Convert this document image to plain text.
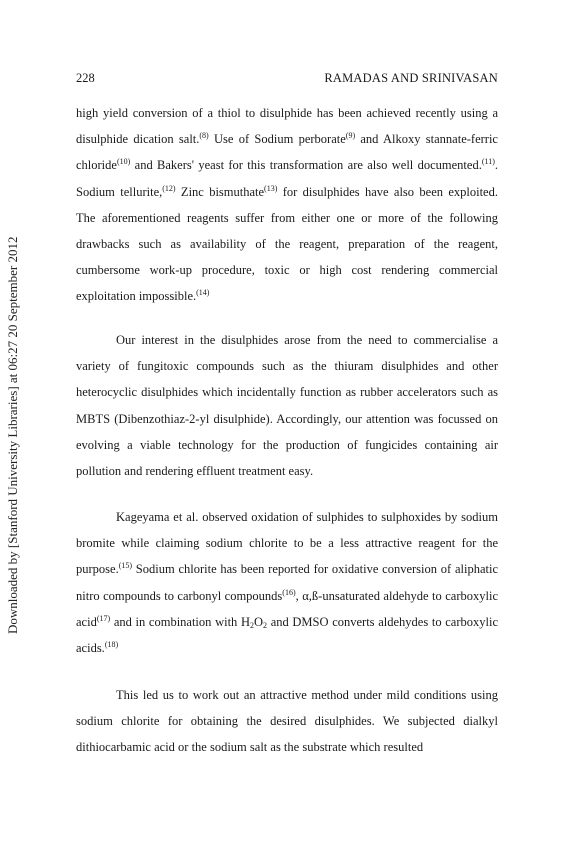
Downloaded by [Stanford University Libraries] at 06:27 20 September 2012
228	RAMADAS AND SRINIVASAN

high yield conversion of a thiol to disulphide has been achieved recently using a disulphide dication salt.$^{(8)}$ Use of Sodium perborate$^{(9)}$ and Alkoxy stannate-ferric chloride$^{(10)}$ and Bakers' yeast for this transformation are also well documented.$^{(11)}$. Sodium tellurite,$^{(12)}$ Zinc bismuthate$^{(13)}$ for disulphides have also been exploited. The aforementioned reagents suffer from either one or more of the following drawbacks such as availability of the reagent, preparation of the reagent, cumbersome work-up procedure, toxic or high cost rendering commercial exploitation impossible.$^{(14)}$

Our interest in the disulphides arose from the need to commercialise a variety of fungitoxic compounds such as the thiuram disulphides and other heterocyclic disulphides which incidentally function as rubber accelerators such as MBTS (Dibenzothiaz-2-yl disulphide). Accordingly, our attention was focussed on evolving a viable technology for the production of fungicides containing air pollution and rendering effluent treatment easy.

Kageyama et al. observed oxidation of sulphides to sulphoxides by sodium bromite while claiming sodium chlorite to be a less attractive reagent for the purpose.$^{(15)}$ Sodium chlorite has been reported for oxidative conversion of aliphatic nitro compounds to carbonyl compounds$^{(16)}$, α,ß-unsaturated aldehyde to carboxylic acid$^{(17)}$ and in combination with $H_2O_2$ and DMSO converts aldehydes to carboxylic acids.$^{(18)}$

This led us to work out an attractive method under mild conditions using sodium chlorite for obtaining the desired disulphides. We subjected dialkyl dithiocarbamic acid or the sodium salt as the substrate which resulted
